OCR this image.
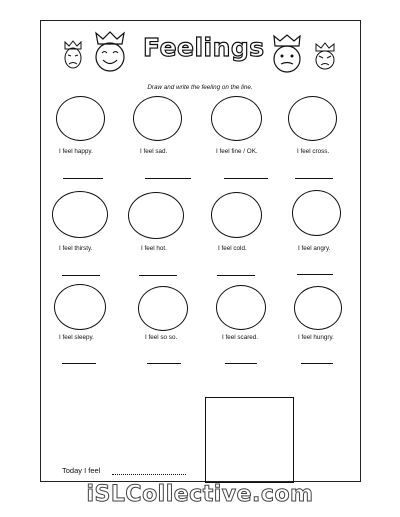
Feelings
Draw and write the feeling on the line.
I feel happy.	I feel sad.	I feel fine / OK.	I feel cross.
I feel thirsty.	I feel hot.	I feel cold.	I feel angry.
I feel sleepy.	I feel so so.	I feel scared.	I feel hungry.
Today I feel
iSLCollective.com
